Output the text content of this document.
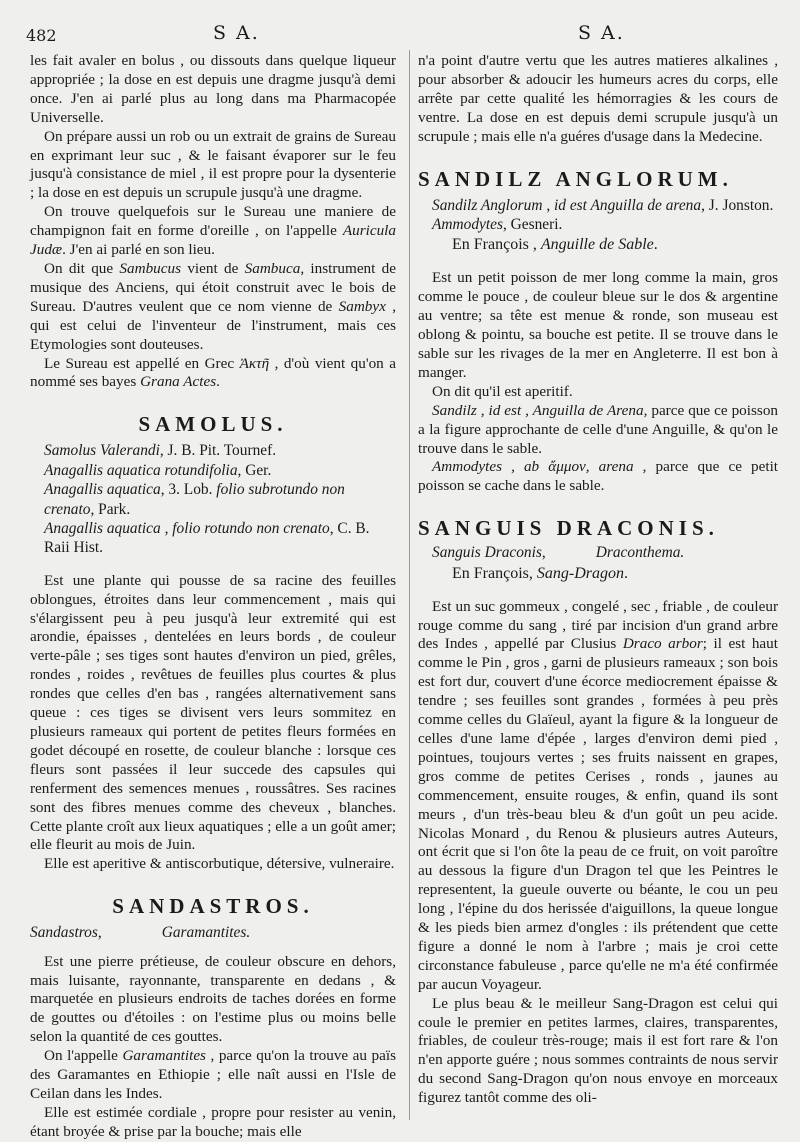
482	S A.	S A.

les fait avaler en bolus , ou dissouts dans quelque liqueur appropriée ; la dose en est depuis une dragme jusqu'à demi once. J'en ai parlé plus au long dans ma Pharmacopée Universelle.

On prépare aussi un rob ou un extrait de grains de Sureau en exprimant leur suc , & le faisant évaporer sur le feu jusqu'à consistance de miel , il est propre pour la dysenterie ; la dose en est depuis un scrupule jusqu'à une dragme.

On trouve quelquefois sur le Sureau une maniere de champignon fait en forme d'oreille , on l'appelle Auricula Judæ. J'en ai parlé en son lieu.

On dit que Sambucus vient de Sambuca, instrument de musique des Anciens, qui étoit construit avec le bois de Sureau. D'autres veulent que ce nom vienne de Sambyx , qui est celui de l'inventeur de l'instrument, mais ces Etymologies sont douteuses.

Le Sureau est appellé en Grec Ἀκτῆ , d'où vient qu'on a nommé ses bayes Grana Actes.

SAMOLUS.

Samolus Valerandi, J. B. Pit. Tournef.

Anagallis aquatica rotundifolia, Ger.

Anagallis aquatica, 3. Lob. folio subrotundo non crenato, Park.

Anagallis aquatica , folio rotundo non crenato, C. B. Raii Hist.

Est une plante qui pousse de sa racine des feuilles oblongues, étroites dans leur commencement , mais qui s'élargissent peu à peu jusqu'à leur extremité qui est arondie, épaisses , dentelées en leurs bords , de couleur verte-pâle ; ses tiges sont hautes d'environ un pied, grêles, rondes , roides , revêtues de feuilles plus courtes & plus rondes que celles d'en bas , rangées alternativement sans queue : ces tiges se divisent vers leurs sommitez en plusieurs rameaux qui portent de petites fleurs formées en godet découpé en rosette, de couleur blanche : lorsque ces fleurs sont passées il leur succede des capsules qui renferment des semences menues , roussâtres. Ses racines sont des fibres menues comme des cheveux , blanches. Cette plante croît aux lieux aquatiques ; elle a un goût amer; elle fleurit au mois de Juin.

Elle est aperitive & antiscorbutique, détersive, vulneraire.

SANDASTROS.

Sandastros,	Garamantites.

Est une pierre prétieuse, de couleur obscure en dehors, mais luisante, rayonnante, transparente en dedans , & marquetée en plusieurs endroits de taches dorées en forme de gouttes ou d'étoiles : on l'estime plus ou moins belle selon la quantité de ces gouttes.

On l'appelle Garamantites , parce qu'on la trouve au païs des Garamantes en Ethiopie ; elle naît aussi en l'Isle de Ceilan dans les Indes.

Elle est estimée cordiale , propre pour resister au venin, étant broyée & prise par la bouche; mais elle

n'a point d'autre vertu que les autres matieres alkalines , pour absorber & adoucir les humeurs acres du corps, elle arrête par cette qualité les hémorragies & les cours de ventre. La dose en est depuis demi scrupule jusqu'à un scrupule ; mais elle n'a guéres d'usage dans la Medecine.

SANDILZ ANGLORUM.

Sandilz Anglorum , id est Anguilla de arena, J. Jonston.

Ammodytes, Gesneri.

En François , Anguille de Sable.

Est un petit poisson de mer long comme la main, gros comme le pouce , de couleur bleue sur le dos & argentine au ventre; sa tête est menue & ronde, son museau est oblong & pointu, sa bouche est petite. Il se trouve dans le sable sur les rivages de la mer en Angleterre. Il est bon à manger.

On dit qu'il est aperitif.

Sandilz , id est , Anguilla de Arena, parce que ce poisson a la figure approchante de celle d'une Anguille, & qu'on le trouve dans le sable.

Ammodytes , ab ἄμμον, arena , parce que ce petit poisson se cache dans le sable.

SANGUIS DRACONIS.

Sanguis Draconis,	Draconthema.

En François, Sang-Dragon.

Est un suc gommeux , congelé , sec , friable , de couleur rouge comme du sang , tiré par incision d'un grand arbre des Indes , appellé par Clusius Draco arbor; il est haut comme le Pin , gros , garni de plusieurs rameaux ; son bois est fort dur, couvert d'une écorce mediocrement épaisse & tendre ; ses feuilles sont grandes , formées à peu près comme celles du Glaïeul, ayant la figure & la longueur de celles d'une lame d'épée , larges d'environ demi pied , pointues, toujours vertes ; ses fruits naissent en grapes, gros comme de petites Cerises , ronds , jaunes au commencement, ensuite rouges, & enfin, quand ils sont meurs , d'un très-beau bleu & d'un goût un peu acide. Nicolas Monard , du Renou & plusieurs autres Auteurs, ont écrit que si l'on ôte la peau de ce fruit, on voit paroître au dessous la figure d'un Dragon tel que les Peintres le representent, la gueule ouverte ou béante, le cou un peu long , l'épine du dos herissée d'aiguillons, la queue longue & les pieds bien armez d'ongles : ils prétendent que cette figure a donné le nom à l'arbre ; mais je croi cette circonstance fabuleuse , parce qu'elle ne m'a été confirmée par aucun Voyageur.

Le plus beau & le meilleur Sang-Dragon est celui qui coule le premier en petites larmes, claires, transparentes, friables, de couleur très-rouge; mais il est fort rare & l'on n'en apporte guére ; nous sommes contraints de nous servir du second Sang-Dragon qu'on nous envoye en morceaux figurez tantôt comme des oli-
